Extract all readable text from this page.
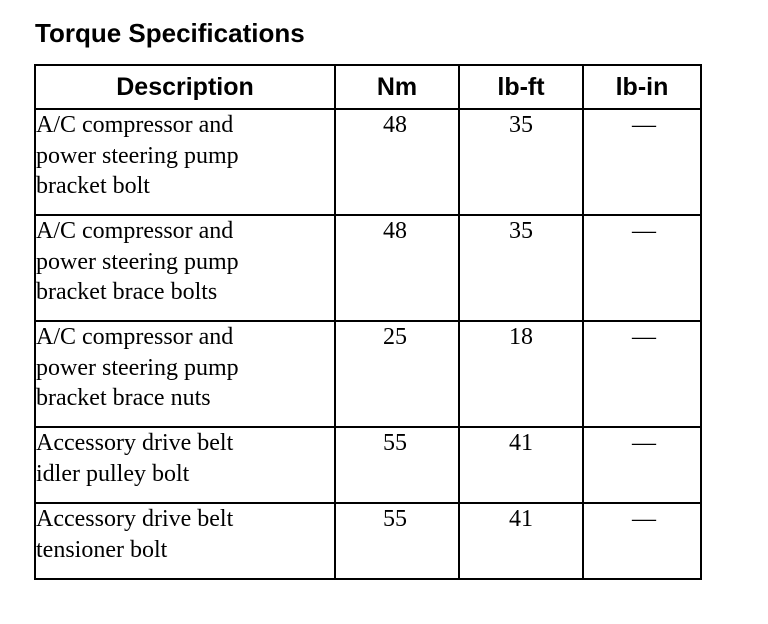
Torque Specifications
Description	Nm	lb-ft	lb-in
A/C compressor and
power steering pump
bracket bolt	48	35	—
A/C compressor and
power steering pump
bracket brace bolts	48	35	—
A/C compressor and
power steering pump
bracket brace nuts	25	18	—
Accessory drive belt
idler pulley bolt	55	41	—
Accessory drive belt
tensioner bolt	55	41	—
